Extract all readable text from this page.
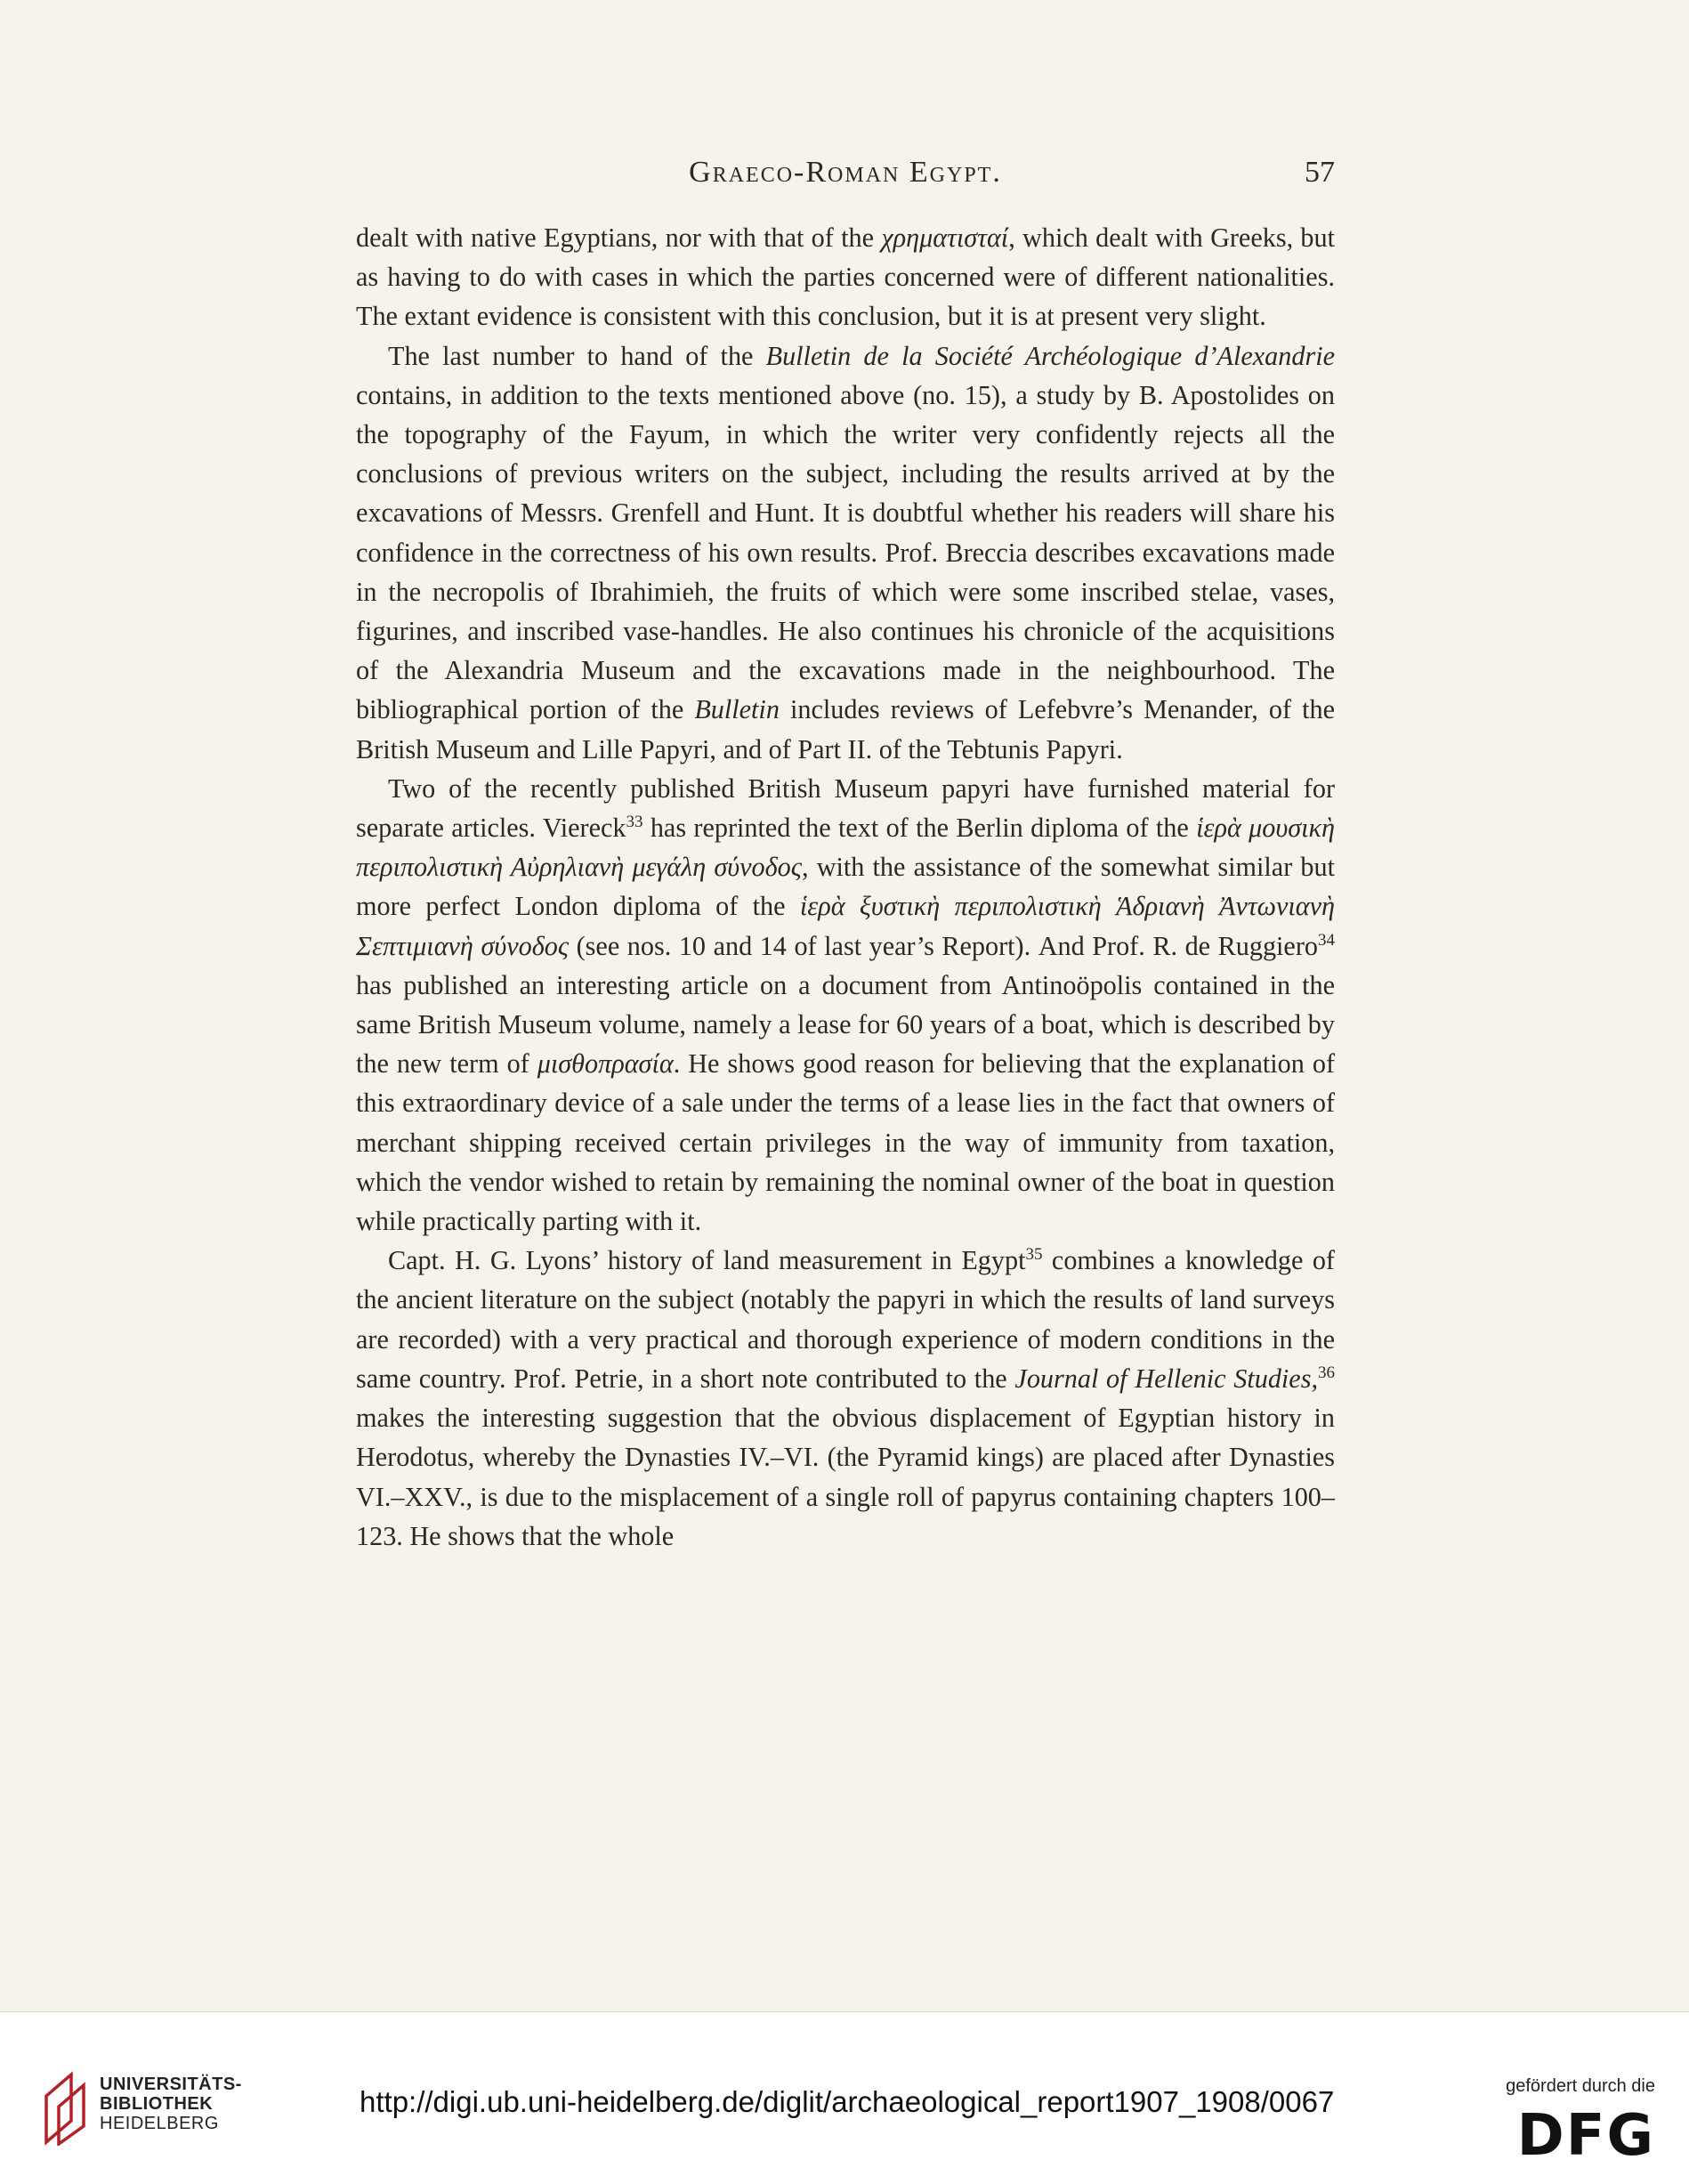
Graeco-Roman Egypt.	57

dealt with native Egyptians, nor with that of the χρηματισταί, which dealt with Greeks, but as having to do with cases in which the parties concerned were of different nationalities. The extant evidence is consistent with this conclusion, but it is at present very slight.

The last number to hand of the Bulletin de la Société Archéologique d’Alexandrie contains, in addition to the texts mentioned above (no. 15), a study by B. Apostolides on the topography of the Fayum, in which the writer very confidently rejects all the conclusions of previous writers on the subject, including the results arrived at by the excavations of Messrs. Grenfell and Hunt. It is doubtful whether his readers will share his confidence in the correctness of his own results. Prof. Breccia describes excavations made in the necropolis of Ibrahimieh, the fruits of which were some inscribed stelae, vases, figurines, and inscribed vase-handles. He also continues his chronicle of the acquisitions of the Alexandria Museum and the excavations made in the neighbourhood. The bibliographical portion of the Bulletin includes reviews of Lefebvre’s Menander, of the British Museum and Lille Papyri, and of Part II. of the Tebtunis Papyri.

Two of the recently published British Museum papyri have furnished material for separate articles. Viereck$^{33}$ has reprinted the text of the Berlin diploma of the ἱερὰ μουσικὴ περιπολιστικὴ Αὐρηλιανὴ μεγάλη σύνοδος, with the assistance of the somewhat similar but more perfect London diploma of the ἱερὰ ξυστικὴ περιπολιστικὴ Ἁδριανὴ Ἀντωνιανὴ Σεπτιμιανὴ σύνοδος (see nos. 10 and 14 of last year’s Report). And Prof. R. de Ruggiero$^{34}$ has published an interesting article on a document from Antinoöpolis contained in the same British Museum volume, namely a lease for 60 years of a boat, which is described by the new term of μισθοπρασία. He shows good reason for believing that the explanation of this extraordinary device of a sale under the terms of a lease lies in the fact that owners of merchant shipping received certain privileges in the way of immunity from taxation, which the vendor wished to retain by remaining the nominal owner of the boat in question while practically parting with it.

Capt. H. G. Lyons’ history of land measurement in Egypt$^{35}$ combines a knowledge of the ancient literature on the subject (notably the papyri in which the results of land surveys are recorded) with a very practical and thorough experience of modern conditions in the same country. Prof. Petrie, in a short note contributed to the Journal of Hellenic Studies,$^{36}$ makes the interesting suggestion that the obvious displacement of Egyptian history in Herodotus, whereby the Dynasties IV.–VI. (the Pyramid kings) are placed after Dynasties VI.–XXV., is due to the misplacement of a single roll of papyrus containing chapters 100–123. He shows that the whole

UNIVERSITÄTS-
BIBLIOTHEK
HEIDELBERG
http://digi.ub.uni-heidelberg.de/diglit/archaeological_report1907_1908/0067	gefördert durch die
DFG
